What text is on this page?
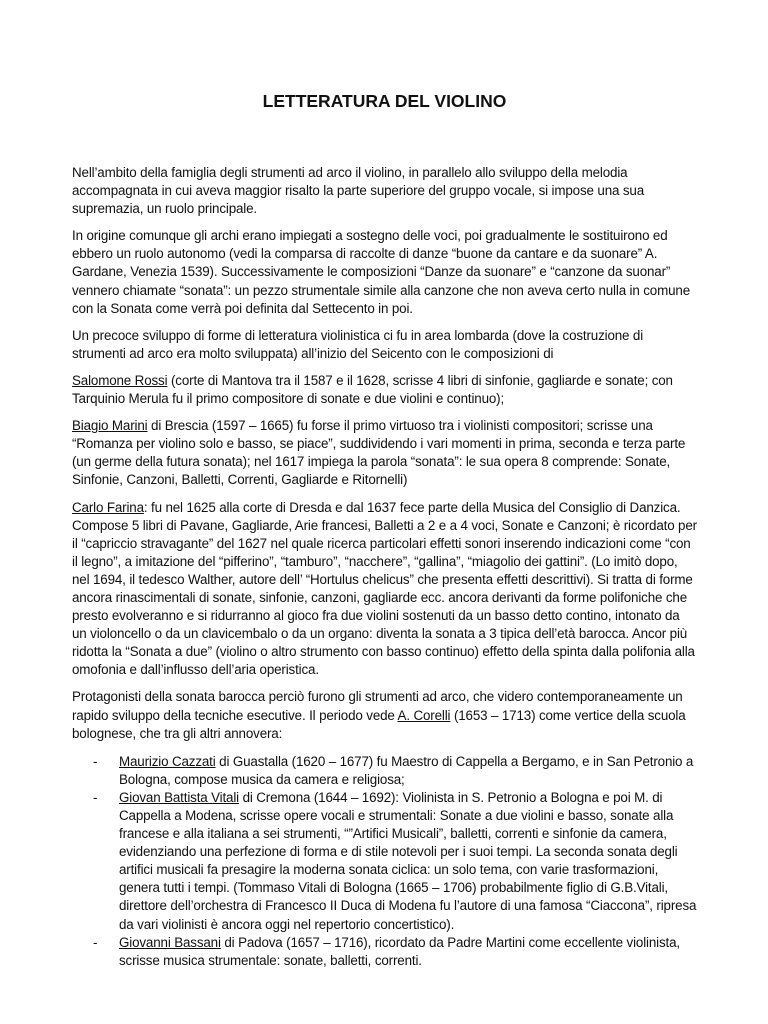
LETTERATURA DEL VIOLINO

Nell’ambito della famiglia degli strumenti ad arco il violino, in parallelo allo sviluppo della melodia accompagnata in cui aveva maggior risalto la parte superiore del gruppo vocale, si impose una sua supremazia, un ruolo principale.

In origine comunque gli archi erano impiegati a sostegno delle voci, poi gradualmente le sostituirono ed ebbero un ruolo autonomo (vedi la comparsa di raccolte di danze “buone da cantare e da suonare” A. Gardane, Venezia 1539). Successivamente le composizioni “Danze da suonare” e “canzone da suonar” vennero chiamate “sonata”: un pezzo strumentale simile alla canzone che non aveva certo nulla in comune con la Sonata come verrà poi definita dal Settecento in poi.

Un precoce sviluppo di forme di letteratura violinistica ci fu in area lombarda (dove la costruzione di strumenti ad arco era molto sviluppata) all’inizio del Seicento con le composizioni di

Salomone Rossi (corte di Mantova tra il 1587 e il 1628, scrisse 4 libri di sinfonie, gagliarde e sonate; con Tarquinio Merula fu il primo compositore di sonate e due violini e continuo);

Biagio Marini di Brescia (1597 – 1665) fu forse il primo virtuoso tra i violinisti compositori; scrisse una “Romanza per violino solo e basso, se piace”, suddividendo i vari momenti in prima, seconda e terza parte (un germe della futura sonata); nel 1617 impiega la parola “sonata”: le sua opera 8 comprende: Sonate, Sinfonie, Canzoni, Balletti, Correnti, Gagliarde e Ritornelli)

Carlo Farina: fu nel 1625 alla corte di Dresda e dal 1637 fece parte della Musica del Consiglio di Danzica. Compose 5 libri di Pavane, Gagliarde, Arie francesi, Balletti a 2 e a 4 voci, Sonate e Canzoni; è ricordato per il “capriccio stravagante” del 1627 nel quale ricerca particolari effetti sonori inserendo indicazioni come “con il legno”, a imitazione del “pifferino”, “tamburo”, “nacchere”, “gallina”, “miagolio dei gattini”. (Lo imitò dopo, nel 1694, il tedesco Walther, autore dell’ “Hortulus chelicus” che presenta effetti descrittivi). Si tratta di forme ancora rinascimentali di sonate, sinfonie, canzoni, gagliarde ecc. ancora derivanti da forme polifoniche che presto evolveranno e si ridurranno al gioco fra due violini sostenuti da un basso detto contino, intonato da un violoncello o da un clavicembalo o da un organo: diventa la sonata a 3 tipica dell’età barocca. Ancor più ridotta la “Sonata a due” (violino o altro strumento con basso continuo) effetto della spinta dalla polifonia alla omofonia e dall’influsso dell’aria operistica.

Protagonisti della sonata barocca perciò furono gli strumenti ad arco, che videro contemporaneamente un rapido sviluppo della tecniche esecutive. Il periodo vede A. Corelli (1653 – 1713) come vertice della scuola bolognese, che tra gli altri annovera:

- Maurizio Cazzati di Guastalla (1620 – 1677) fu Maestro di Cappella a Bergamo, e in San Petronio a Bologna, compose musica da camera e religiosa;
- Giovan Battista Vitali di Cremona (1644 – 1692): Violinista in S. Petronio a Bologna e poi M. di Cappella a Modena, scrisse opere vocali e strumentali: Sonate a due violini e basso, sonate alla francese e alla italiana a sei strumenti, “”Artifici Musicali”, balletti, correnti e sinfonie da camera, evidenziando una perfezione di forma e di stile notevoli per i suoi tempi. La seconda sonata degli artifici musicali fa presagire la moderna sonata ciclica: un solo tema, con varie trasformazioni, genera tutti i tempi. (Tommaso Vitali di Bologna (1665 – 1706) probabilmente figlio di G.B.Vitali, direttore dell’orchestra di Francesco II Duca di Modena fu l’autore di una famosa “Ciaccona”, ripresa da vari violinisti è ancora oggi nel repertorio concertistico).
- Giovanni Bassani di Padova (1657 – 1716), ricordato da Padre Martini come eccellente violinista, scrisse musica strumentale: sonate, balletti, correnti.
